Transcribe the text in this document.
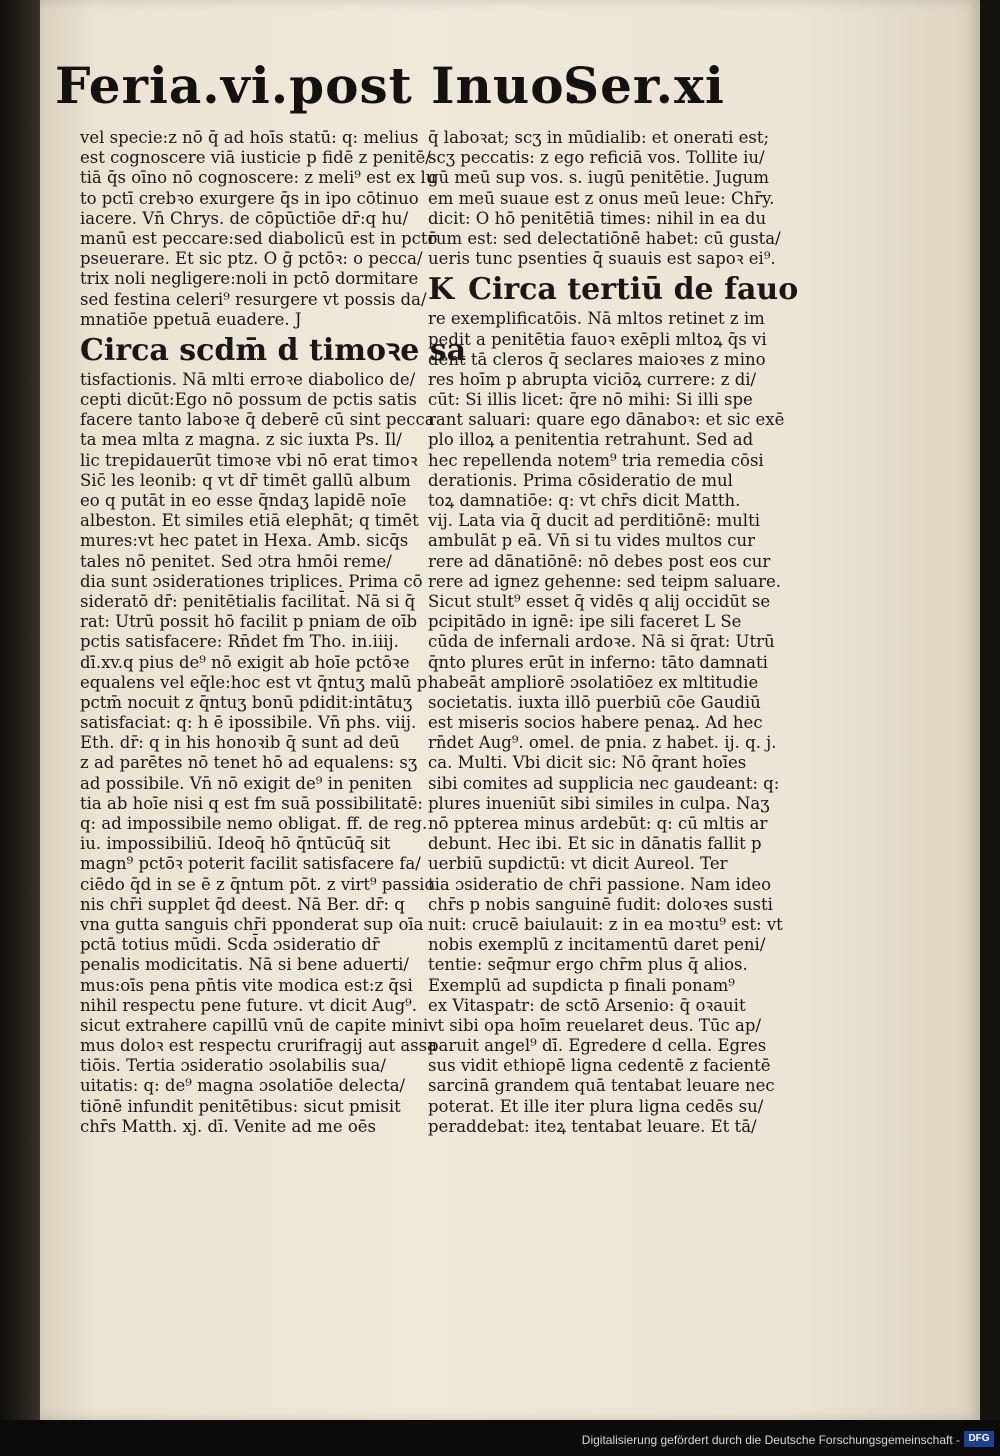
Feria.vi.post Inuo.
Ser.xi
vel specie:z nō q̄ ad hoīs statū: q: melius
est cognoscere viā iusticie p fidē z penitē/
tiā q̄s oīno nō cognoscere: z meli⁹ est ex lu
to pctī crebꝛo exurgere q̄s in ipo cōtinuo
iacere. Vn̄ Chrys. de cōpūctiōe dr̄:q hu/
manū est peccare:sed diabolicū est in pctō
pseuerare. Et sic ptz. O ḡ pctōꝛ: o pecca/
trix noli negligere:noli in pctō dormitare
sed festina celeri⁹ resurgere vt possis da/
mnatiōe ppetuā euadere. J
Circa scdm̄ d timoꝛe sa
tisfactionis. Nā mlti erroꝛe diabolico de/
cepti dicūt:Ego nō possum de pctis satis
facere tanto laboꝛe q̄ deberē cū sint pecca
ta mea mlta z magna. z sic iuxta Ps. Il/
lic trepidauerūt timoꝛe vbi nō erat timoꝛ
Sic̄ les leonib: q vt dr̄ timēt gallū album
eo q putāt in eo esse q̄ndaʒ lapidē noīe
albeston. Et similes etiā elephāt; q timēt
mures:vt hec patet in Hexa. Amb. sicq̄s
tales nō penitet. Sed ɔtra hmōi reme/
dia sunt ɔsiderationes triplices. Prima cō
sideratō dr̄: penitētialis facilitat̄. Nā si q̄
rat: Utrū possit hō facilit p pniam de oīb
pctis satisfacere: Rn̄det fm Tho. in.iiij.
dī.xv.q pius de⁹ nō exigit ab hoīe pctōꝛe
equalens vel eq̄le:hoc est vt q̄ntuʒ malū p
pctm̄ nocuit z q̄ntuʒ bonū pdidit:intātuʒ
satisfaciat: q: h ē ipossibile. Vn̄ phs. viij.
Eth. dr̄: q in his honoꝛib q̄ sunt ad deū
z ad parētes nō tenet hō ad equalens: sʒ
ad possibile. Vn̄ nō exigit de⁹ in peniten
tia ab hoīe nisi q est fm suā possibilitatē:
q: ad impossibile nemo obligat. ff. de reg.
iu. impossibiliū. Ideoq̄ hō q̄ntūcūq̄ sit
magn⁹ pctōꝛ poterit facilit satisfacere fa/
ciēdo q̄d in se ē z q̄ntum pōt. z virt⁹ passio
nis chr̄i supplet q̄d deest. Nā Ber. dr̄: q
vna gutta sanguis chr̄i pponderat sup oīa
pctā totius mūdi. Scd̄a ɔsideratio dr̄
penalis modicitatis. Nā si bene aduerti/
mus:oīs pena pn̄tis vite modica est:z q̄si
nihil respectu pene future. vt dicit Aug⁹.
sicut extrahere capillū vnū de capite mini
mus doloꝛ est respectu crurifragij aut assa
tiōis. Tertia ɔsideratio ɔsolabilis sua/
uitatis: q: de⁹ magna ɔsolatiōe delecta/
tiōnē infundit penitētibus: sicut pmisit
chr̄s Matth. xj. dī. Venite ad me oēs
q̄ laboꝛat; scʒ in mūdialib: et onerati est;
scʒ peccatis: z ego reficiā vos. Tollite iu/
gū meū sup vos. s. iugū penitētie. Jugum
em meū suaue est z onus meū leue: Chr̄y.
dicit: O hō penitētiā times: nihil in ea du
rum est: sed delectatiōnē habet: cū gusta/
ueris tunc psenties q̄ suauis est sapoꝛ ei⁹.
K Circa tertiū de fauo
re exemplificatōis. Nā mltos retinet z im
pedit a penitētia fauoꝛ exēpli mltoꝝ q̄s vi
dent tā cleros q̄ seclares maioꝛes z mino
res hoīm p abrupta viciōꝝ currere: z di/
cūt: Si illis licet: q̄re nō mihi: Si illi spe
rant saluari: quare ego dānaboꝛ: et sic exē
plo illoꝝ a penitentia retrahunt. Sed ad
hec repellenda notem⁹ tria remedia cōsi
derationis. Prima cōsideratio de mul
toꝝ damnatiōe: q: vt chr̄s dicit Matth.
vij. Lata via q̄ ducit ad perditiōnē: multi
ambulāt p eā. Vn̄ si tu vides multos cur
rere ad dānatiōnē: nō debes post eos cur
rere ad ignez gehenne: sed teipm saluare.
Sicut stult⁹ esset q̄ vidēs q alij occidūt se
pcipitādo in ignē: ipe sili faceret L Se
cūda de infernali ardoꝛe. Nā si q̄rat: Utrū
q̄nto plures erūt in inferno: tāto damnati
habeāt ampliorē ɔsolatiōez ex mltitudie
societatis. iuxta illō puerbiū cōe Gaudiū
est miseris socios habere penaꝝ. Ad hec
rn̄det Aug⁹. omel. de pnia. z habet. ij. q. j.
ca. Multi. Vbi dicit sic: Nō q̄rant hoīes
sibi comites ad supplicia nec gaudeant: q:
plures inueniūt sibi similes in culpa. Naʒ
nō ppterea minus ardebūt: q: cū mltis ar
debunt. Hec ibi. Et sic in dānatis fallit p
uerbiū supdictū: vt dicit Aureol. Ter
tia ɔsideratio de chr̄i passione. Nam ideo
chr̄s p nobis sanguinē fudit: doloꝛes susti
nuit: crucē baiulauit: z in ea moꝛtu⁹ est: vt
nobis exemplū z incitamentū daret peni/
tentie: seq̄mur ergo chr̄m plus q̄ alios.
Exemplū ad supdicta p finali ponam⁹
ex Vitaspatr: de sctō Arsenio: q̄ oꝛauit
vt sibi opa hoīm reuelaret deus. Tūc ap/
paruit angel⁹ dī. Egredere d cella. Egres
sus vidit ethiopē ligna cedentē z facientē
sarcinā grandem quā tentabat leuare nec
poterat. Et ille iter plura ligna cedēs su/
peraddebat: iteꝝ tentabat leuare. Et tā/
Digitalisierung gefördert durch die Deutsche Forschungsgemeinschaft - DFG
